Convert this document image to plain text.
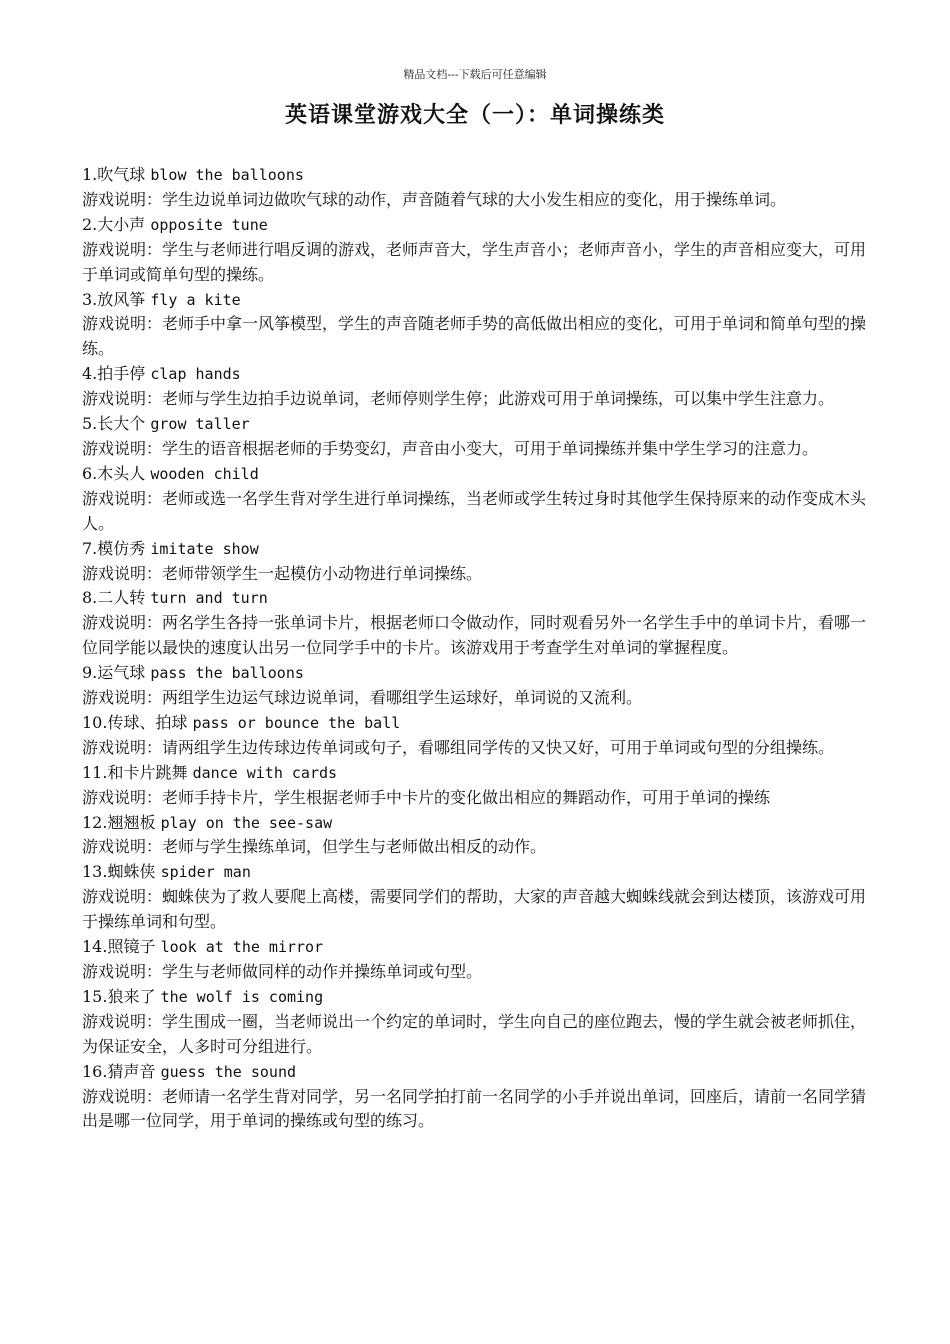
精品文档---下载后可任意编辑
英语课堂游戏大全（一）：单词操练类

1.吹气球 blow the balloons

游戏说明：学生边说单词边做吹气球的动作，声音随着气球的大小发生相应的变化，用于操练单词。

2.大小声 opposite tune

游戏说明：学生与老师进行唱反调的游戏，老师声音大，学生声音小；老师声音小，学生的声音相应变大，可用于单词或简单句型的操练。

3.放风筝 fly a kite

游戏说明：老师手中拿一风筝模型，学生的声音随老师手势的高低做出相应的变化，可用于单词和简单句型的操练。

4.拍手停 clap hands

游戏说明：老师与学生边拍手边说单词，老师停则学生停；此游戏可用于单词操练，可以集中学生注意力。

5.长大个 grow taller

游戏说明：学生的语音根据老师的手势变幻，声音由小变大，可用于单词操练并集中学生学习的注意力。

6.木头人 wooden child

游戏说明：老师或选一名学生背对学生进行单词操练，当老师或学生转过身时其他学生保持原来的动作变成木头人。

7.模仿秀 imitate show

游戏说明：老师带领学生一起模仿小动物进行单词操练。

8.二人转 turn and turn

游戏说明：两名学生各持一张单词卡片，根据老师口令做动作，同时观看另外一名学生手中的单词卡片，看哪一位同学能以最快的速度认出另一位同学手中的卡片。该游戏用于考查学生对单词的掌握程度。

9.运气球 pass the balloons

游戏说明：两组学生边运气球边说单词，看哪组学生运球好，单词说的又流利。

10.传球、拍球 pass or bounce the ball

游戏说明：请两组学生边传球边传单词或句子，看哪组同学传的又快又好，可用于单词或句型的分组操练。

11.和卡片跳舞 dance with cards

游戏说明：老师手持卡片，学生根据老师手中卡片的变化做出相应的舞蹈动作，可用于单词的操练

12.翘翘板 play on the see-saw

游戏说明：老师与学生操练单词，但学生与老师做出相反的动作。

13.蜘蛛侠 spider man

游戏说明：蜘蛛侠为了救人要爬上高楼，需要同学们的帮助，大家的声音越大蜘蛛线就会到达楼顶，该游戏可用于操练单词和句型。

14.照镜子 look at the mirror

游戏说明：学生与老师做同样的动作并操练单词或句型。

15.狼来了 the wolf is coming

游戏说明：学生围成一圈，当老师说出一个约定的单词时，学生向自己的座位跑去，慢的学生就会被老师抓住，为保证安全，人多时可分组进行。

16.猜声音 guess the sound

游戏说明：老师请一名学生背对同学，另一名同学拍打前一名同学的小手并说出单词，回座后，请前一名同学猜出是哪一位同学，用于单词的操练或句型的练习。
